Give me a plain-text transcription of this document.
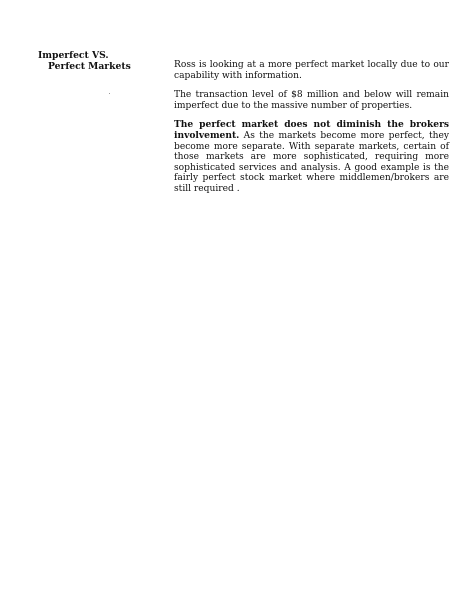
Imperfect VS.
Perfect Markets	Ross is looking at a more perfect market locally due to our capability with information.

The transaction level of $8 million and below will remain imperfect due to the massive number of properties.

The perfect market does not diminish the brokers involvement. As the markets become more perfect, they become more separate. With separate markets, certain of those markets are more sophisticated, requiring more sophisticated services and analysis. A good example is the fairly perfect stock market where middlemen/brokers are still required .
